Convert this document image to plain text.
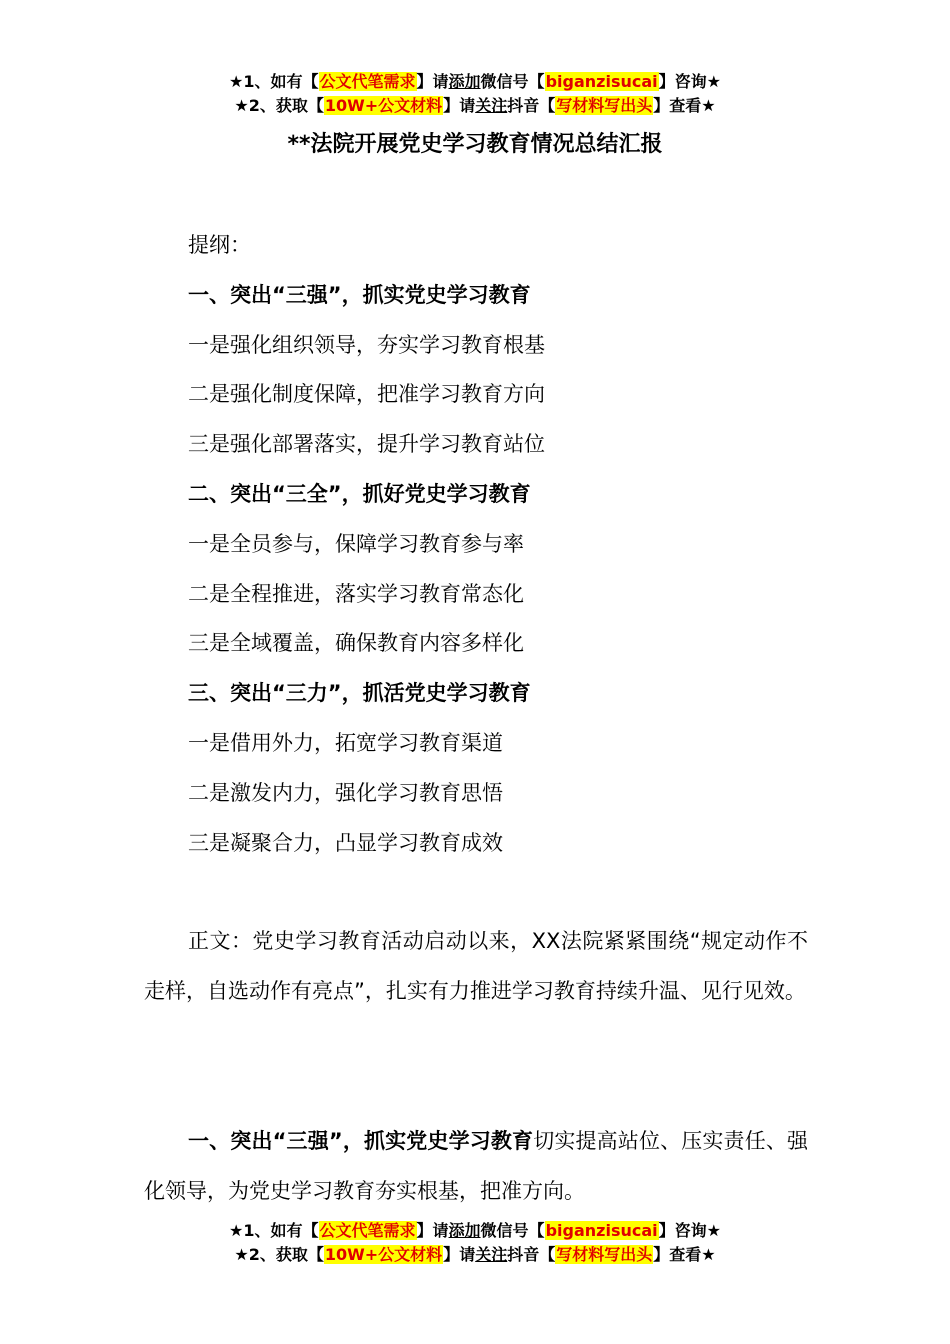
★1、如有【公文代笔需求】请添加微信号【biganzisucai】咨询★
★2、获取【10W+公文材料】请关注抖音【写材料写出头】查看★
**法院开展党史学习教育情况总结汇报
提纲：
一、突出“三强”，抓实党史学习教育
一是强化组织领导，夯实学习教育根基
二是强化制度保障，把准学习教育方向
三是强化部署落实，提升学习教育站位
二、突出“三全”，抓好党史学习教育
一是全员参与，保障学习教育参与率
二是全程推进，落实学习教育常态化
三是全域覆盖，确保教育内容多样化
三、突出“三力”，抓活党史学习教育
一是借用外力，拓宽学习教育渠道
二是激发内力，强化学习教育思悟
三是凝聚合力，凸显学习教育成效

正文：党史学习教育活动启动以来，XX法院紧紧围绕“规定动作不走样，自选动作有亮点”，扎实有力推进学习教育持续升温、见行见效。

一、突出“三强”，抓实党史学习教育切实提高站位、压实责任、强化领导，为党史学习教育夯实根基，把准方向。

★1、如有【公文代笔需求】请添加微信号【biganzisucai】咨询★
★2、获取【10W+公文材料】请关注抖音【写材料写出头】查看★
